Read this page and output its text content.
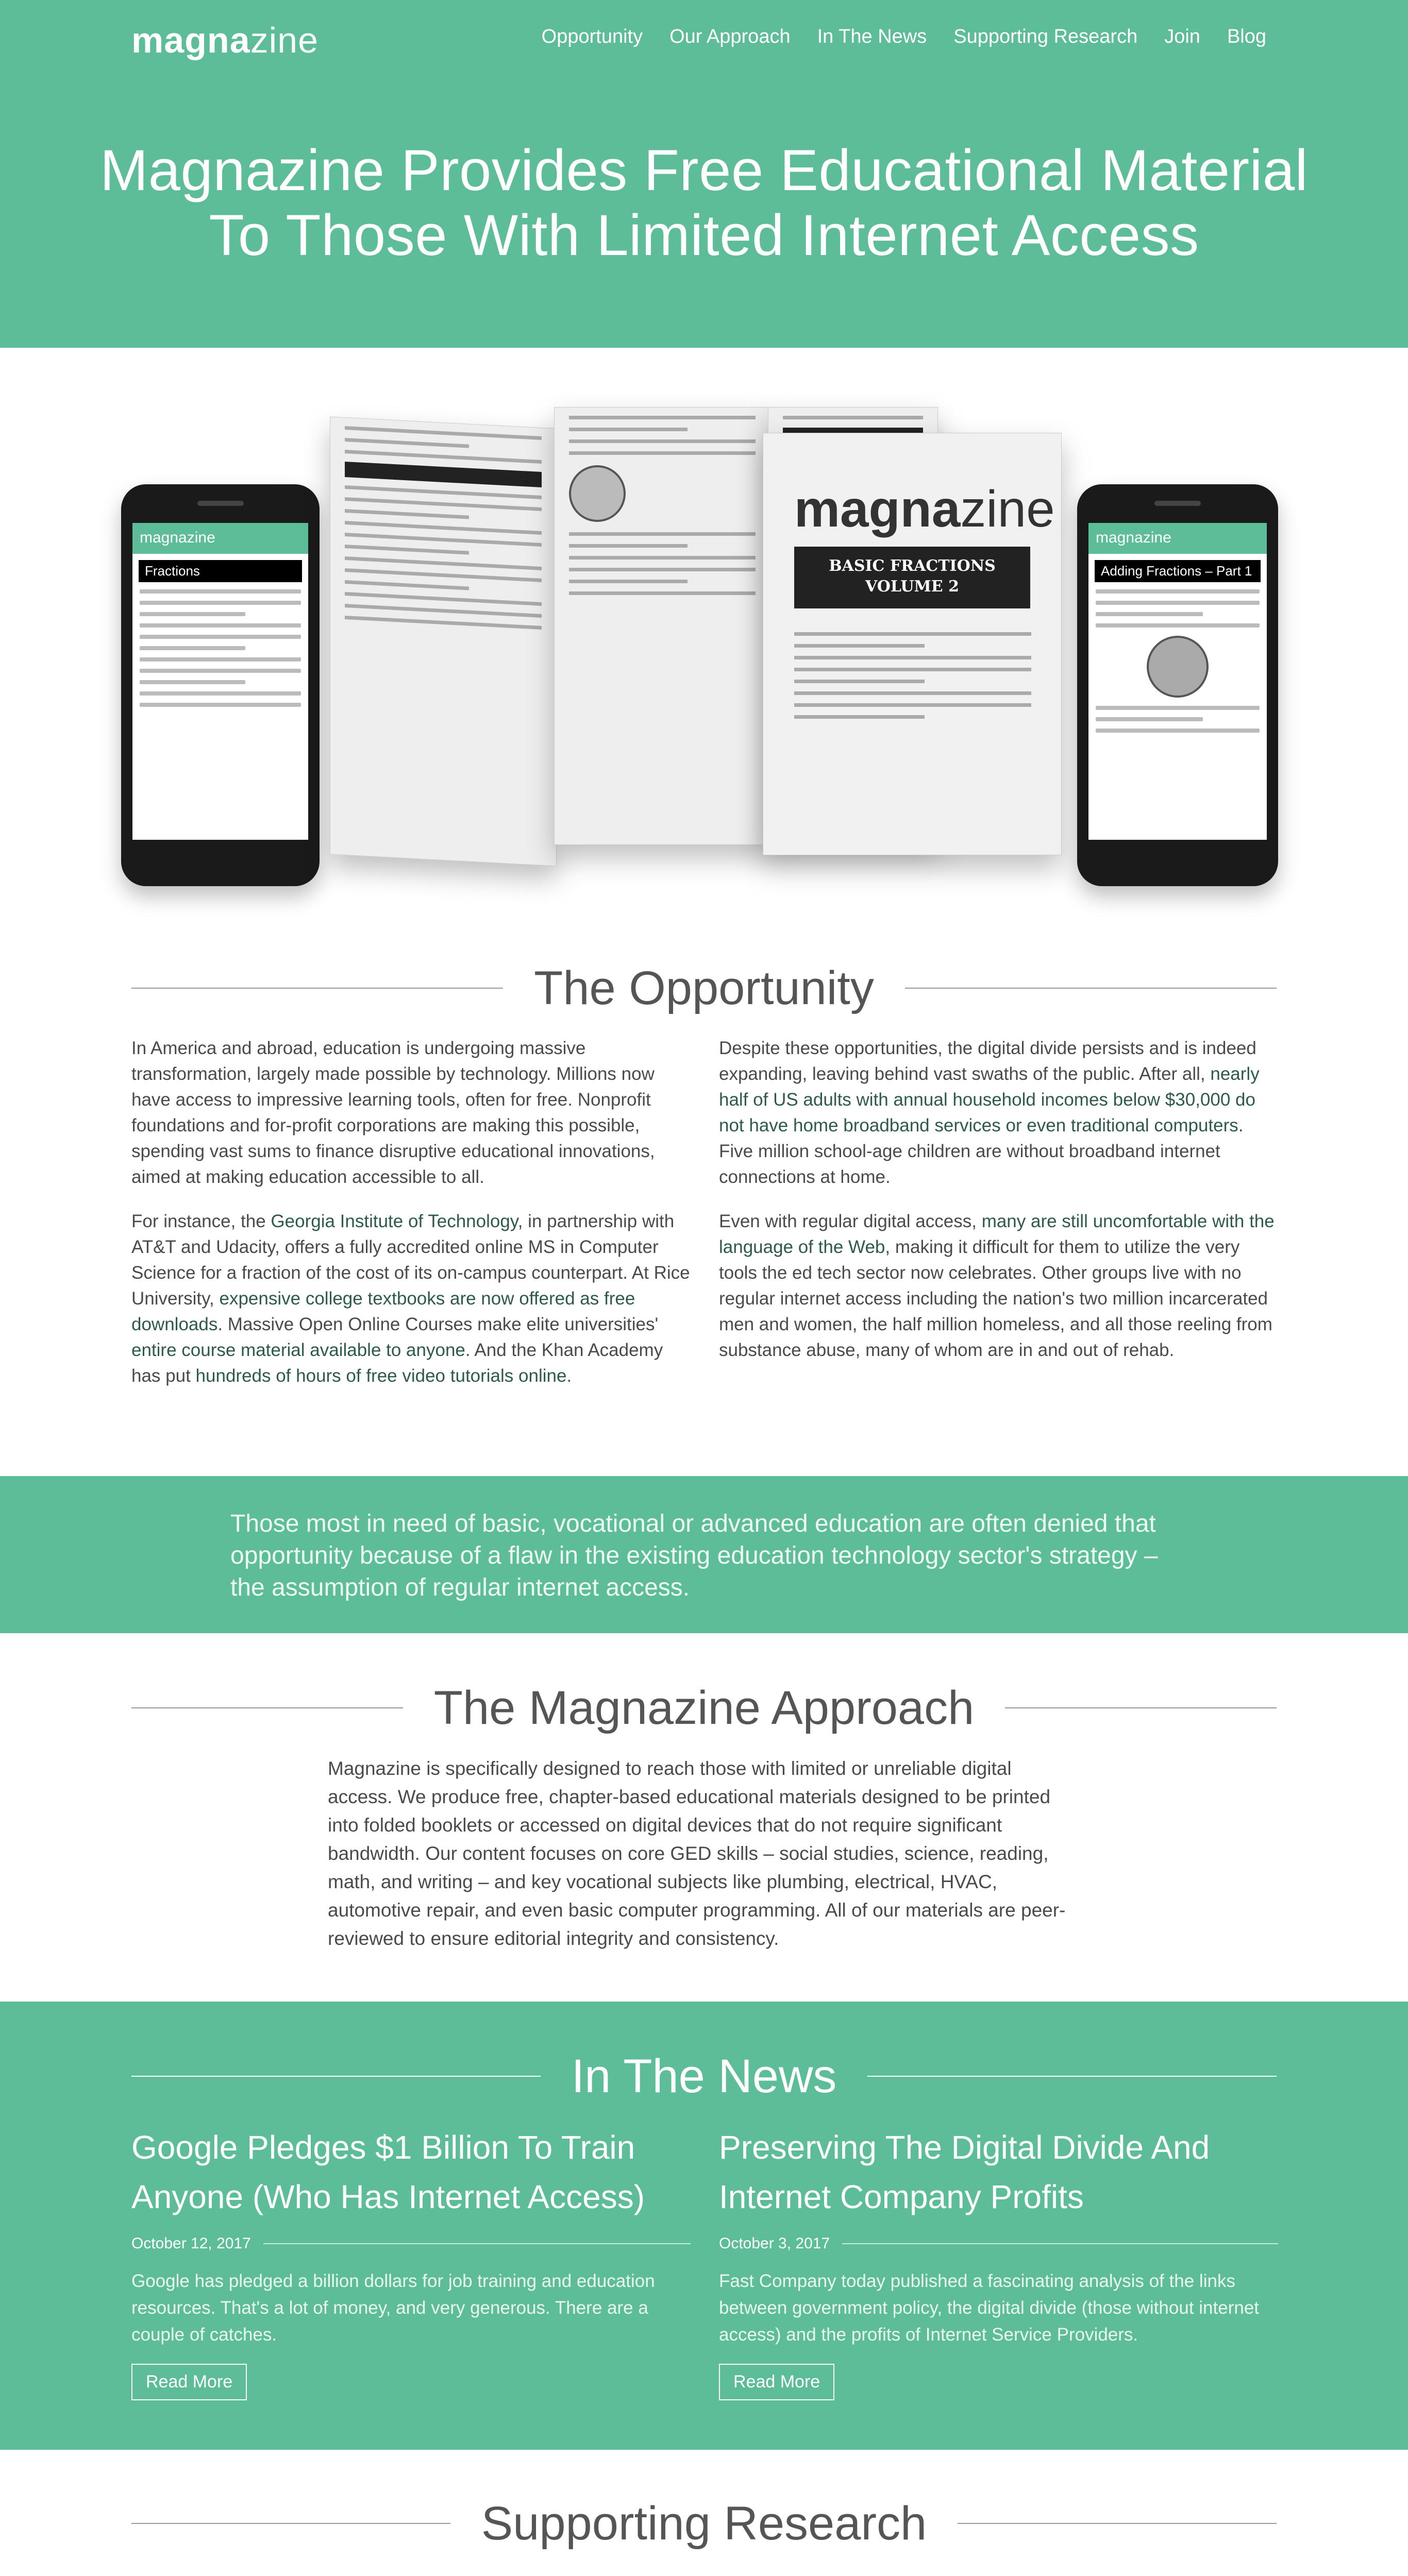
magnazine	Opportunity Our Approach In The News Supporting Research Join Blog
Magnazine Provides Free Educational Material
To Those With Limited Internet Access
magnazine
Fractions
magnazine
BASIC FRACTIONS
VOLUME 2
magnazine
Adding Fractions – Part 1
The Opportunity

In America and abroad, education is undergoing massive transformation, largely made possible by technology. Millions now have access to impressive learning tools, often for free. Nonprofit foundations and for-profit corporations are making this possible, spending vast sums to finance disruptive educational innovations, aimed at making education accessible to all.

For instance, the Georgia Institute of Technology, in partnership with AT&T and Udacity, offers a fully accredited online MS in Computer Science for a fraction of the cost of its on-campus counterpart. At Rice University, expensive college textbooks are now offered as free downloads. Massive Open Online Courses make elite universities' entire course material available to anyone. And the Khan Academy has put hundreds of hours of free video tutorials online.

Despite these opportunities, the digital divide persists and is indeed expanding, leaving behind vast swaths of the public. After all, nearly half of US adults with annual household incomes below $30,000 do not have home broadband services or even traditional computers. Five million school-age children are without broadband internet connections at home.

Even with regular digital access, many are still uncomfortable with the language of the Web, making it difficult for them to utilize the very tools the ed tech sector now celebrates. Other groups live with no regular internet access including the nation's two million incarcerated men and women, the half million homeless, and all those reeling from substance abuse, many of whom are in and out of rehab.

Those most in need of basic, vocational or advanced education are often denied that opportunity because of a flaw in the existing education technology sector's strategy – the assumption of regular internet access.

The Magnazine Approach

Magnazine is specifically designed to reach those with limited or unreliable digital access. We produce free, chapter-based educational materials designed to be printed into folded booklets or accessed on digital devices that do not require significant bandwidth. Our content focuses on core GED skills – social studies, science, reading, math, and writing – and key vocational subjects like plumbing, electrical, HVAC, automotive repair, and even basic computer programming. All of our materials are peer-reviewed to ensure editorial integrity and consistency.

In The News
Google Pledges $1 Billion To Train Anyone (Who Has Internet Access)
October 12, 2017

Google has pledged a billion dollars for job training and education resources. That's a lot of money, and very generous. There are a couple of catches.

Read More
Preserving The Digital Divide And Internet Company Profits
October 3, 2017

Fast Company today published a fascinating analysis of the links between government policy, the digital divide (those without internet access) and the profits of Internet Service Providers.

Read More
Supporting Research
